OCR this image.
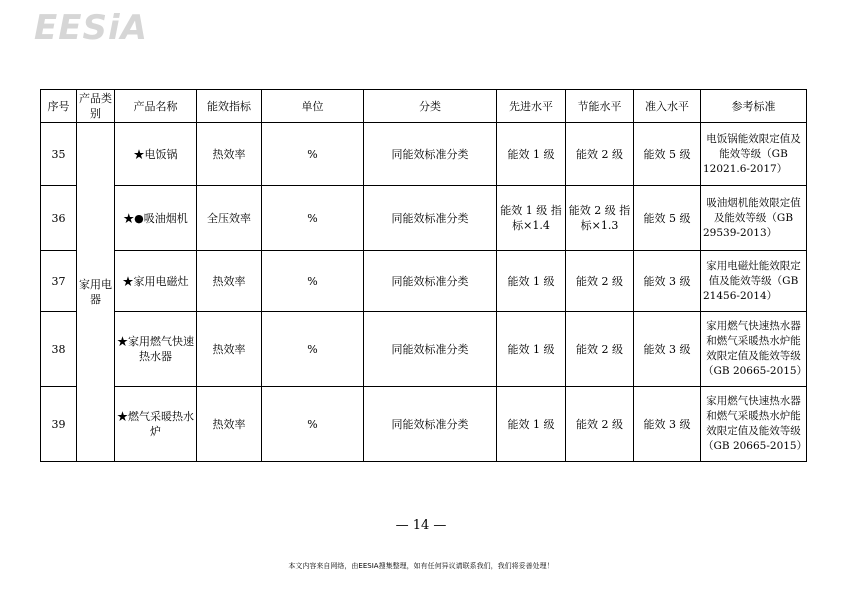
EESiA
序号	产品类别	产品名称	能效指标	单位	分类	先进水平	节能水平	准入水平	参考标准
35	家用电器	★电饭锅	热效率	%	同能效标准分类	能效 1 级	能效 2 级	能效 5 级	电饭锅能效限定值及能效等级（GB 12021.6-2017）
36		★●吸油烟机	全压效率	%	同能效标准分类	能效 1 级 指标×1.4	能效 2 级 指标×1.3	能效 5 级	吸油烟机能效限定值及能效等级（GB 29539-2013）
37		★家用电磁灶	热效率	%	同能效标准分类	能效 1 级	能效 2 级	能效 3 级	家用电磁灶能效限定值及能效等级（GB 21456-2014）
38		★家用燃气快速热水器	热效率	%	同能效标准分类	能效 1 级	能效 2 级	能效 3 级	家用燃气快速热水器和燃气采暖热水炉能效限定值及能效等级（GB 20665-2015）
39		★燃气采暖热水炉	热效率	%	同能效标准分类	能效 1 级	能效 2 级	能效 3 级	家用燃气快速热水器和燃气采暖热水炉能效限定值及能效等级（GB 20665-2015）
— 14 —
本文内容来自网络，由EESIA搜集整理，如有任何异议请联系我们，我们将妥善处理！
